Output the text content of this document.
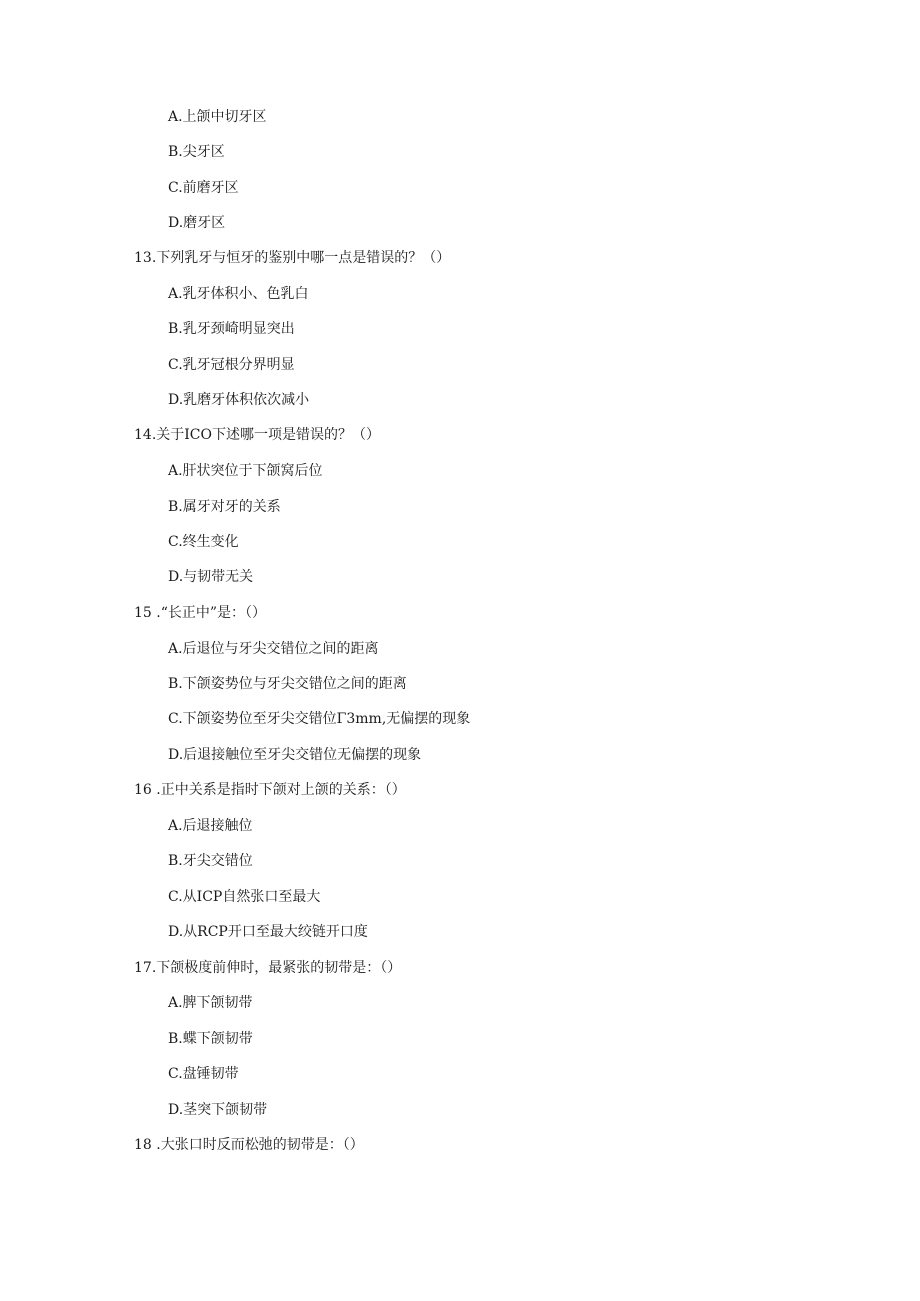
A.上颌中切牙区
B.尖牙区
C.前磨牙区
D.磨牙区
13.下列乳牙与恒牙的鉴别中哪一点是错误的？（）
A.乳牙体积小、色乳白
B.乳牙颈崎明显突出
C.乳牙冠根分界明显
D.乳磨牙体积依次减小
14.关于ICO下述哪一项是错误的？（）
A.肝状突位于下颌窝后位
B.属牙对牙的关系
C.终生变化
D.与韧带无关
15 .“长正中”是：（）
A.后退位与牙尖交错位之间的距离
B.下颌姿势位与牙尖交错位之间的距离
C.下颌姿势位至牙尖交错位Γ3mm,无偏摆的现象
D.后退接触位至牙尖交错位无偏摆的现象
16 .正中关系是指时下颌对上颌的关系：（）
A.后退接触位
B.牙尖交错位
C.从ICP自然张口至最大
D.从RCP开口至最大绞链开口度
17.下颌极度前伸时，最紧张的韧带是：（）
A.脾下颌韧带
B.蝶下颌韧带
C.盘锤韧带
D.茎突下颌韧带
18 .大张口时反而松弛的韧带是：（）
